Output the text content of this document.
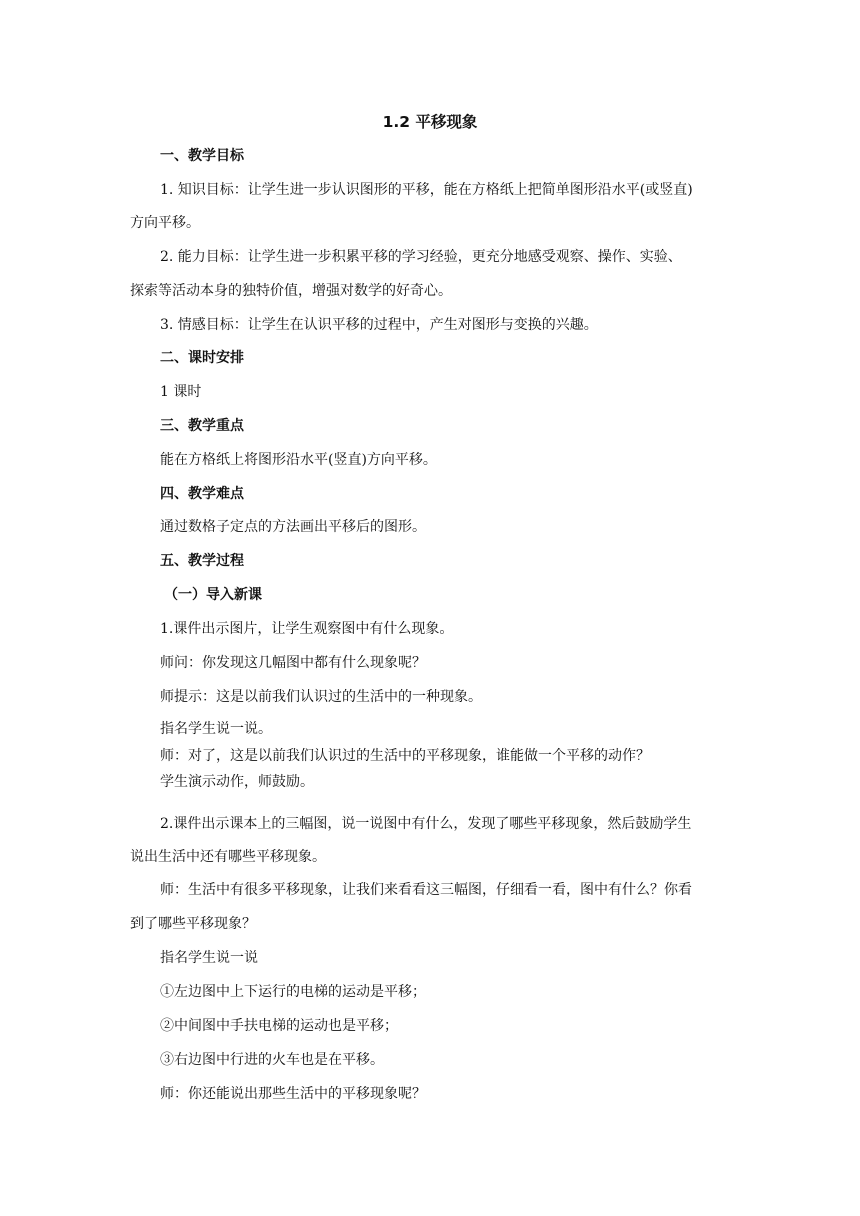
1.2 平移现象
一、教学目标
1. 知识目标：让学生进一步认识图形的平移，能在方格纸上把简单图形沿水平(或竖直)
方向平移。
2. 能力目标：让学生进一步积累平移的学习经验，更充分地感受观察、操作、实验、
探索等活动本身的独特价值，增强对数学的好奇心。
3. 情感目标：让学生在认识平移的过程中，产生对图形与变换的兴趣。
二、课时安排
1 课时
三、教学重点
能在方格纸上将图形沿水平(竖直)方向平移。
四、教学难点
通过数格子定点的方法画出平移后的图形。
五、教学过程
（一）导入新课
1.课件出示图片，让学生观察图中有什么现象。
师问：你发现这几幅图中都有什么现象呢？
师提示：这是以前我们认识过的生活中的一种现象。
指名学生说一说。
师：对了，这是以前我们认识过的生活中的平移现象，谁能做一个平移的动作？
学生演示动作，师鼓励。
2.课件出示课本上的三幅图，说一说图中有什么，发现了哪些平移现象，然后鼓励学生
说出生活中还有哪些平移现象。
师：生活中有很多平移现象，让我们来看看这三幅图，仔细看一看，图中有什么？你看
到了哪些平移现象？
指名学生说一说
①左边图中上下运行的电梯的运动是平移；
②中间图中手扶电梯的运动也是平移；
③右边图中行进的火车也是在平移。
师：你还能说出那些生活中的平移现象呢？
